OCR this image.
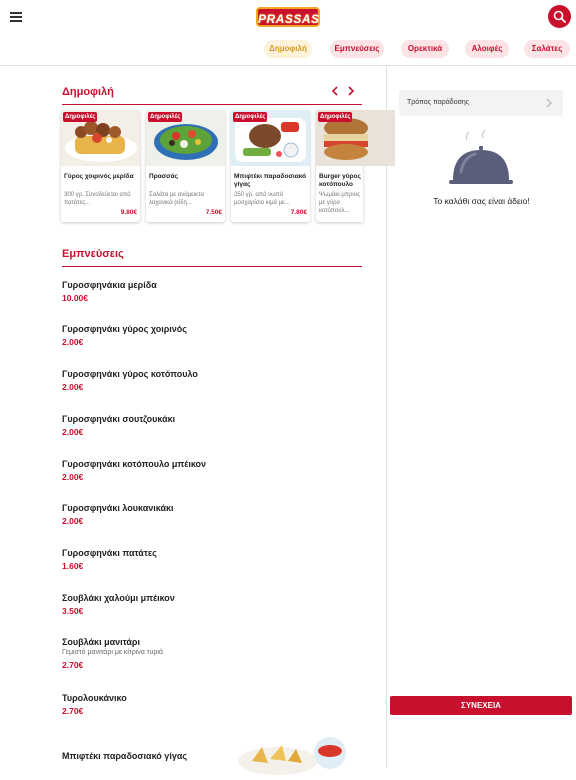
PRASSAS
Δημοφιλή	Εμπνεύσεις	Ορεκτικά	Αλοιφές	Σαλάτες
Δημοφιλή
Δημοφιλές
Γύρος χοιρινός μερίδα
300 γρ. Συνοδεύεται από πατάτες...
9.80€
Δημοφιλές
Πρασσάς
Σαλάτα με ανάμεικτα λαχανικά (είδη...
7.50€
Δημοφιλές
Μπιφτέκι παραδοσιακό γίγας
250 γρ. από νωπό μοσχαρίσιο κιμά με...
7.80€
Δημοφιλές
Burger γύρος κοτόπουλο
Ψωμάκι μπριος με γύρο κοτόπουλ...
Εμπνεύσεις
Γυροσφηνάκια μερίδα
10.00€
Γυροσφηνάκι γύρος χοιρινός
2.00€
Γυροσφηνάκι γύρος κοτόπουλο
2.00€
Γυροσφηνάκι σουτζουκάκι
2.00€
Γυροσφηνάκι κοτόπουλο μπέικον
2.00€
Γυροσφηνάκι λουκανικάκι
2.00€
Γυροσφηνάκι πατάτες
1.60€
Σουβλάκι χαλούμι μπέικον
3.50€
Σουβλάκι μανιτάρι
Γεμιστό μανιτάρι με κίτρινα τυριά
2.70€
Τυρολουκάνικο
2.70€
Μπιφτέκι παραδοσιακό γίγας
Τρόπος παράδοσης
Το καλάθι σας είναι άδειο!
ΣΥΝΕΧΕΙΑ
